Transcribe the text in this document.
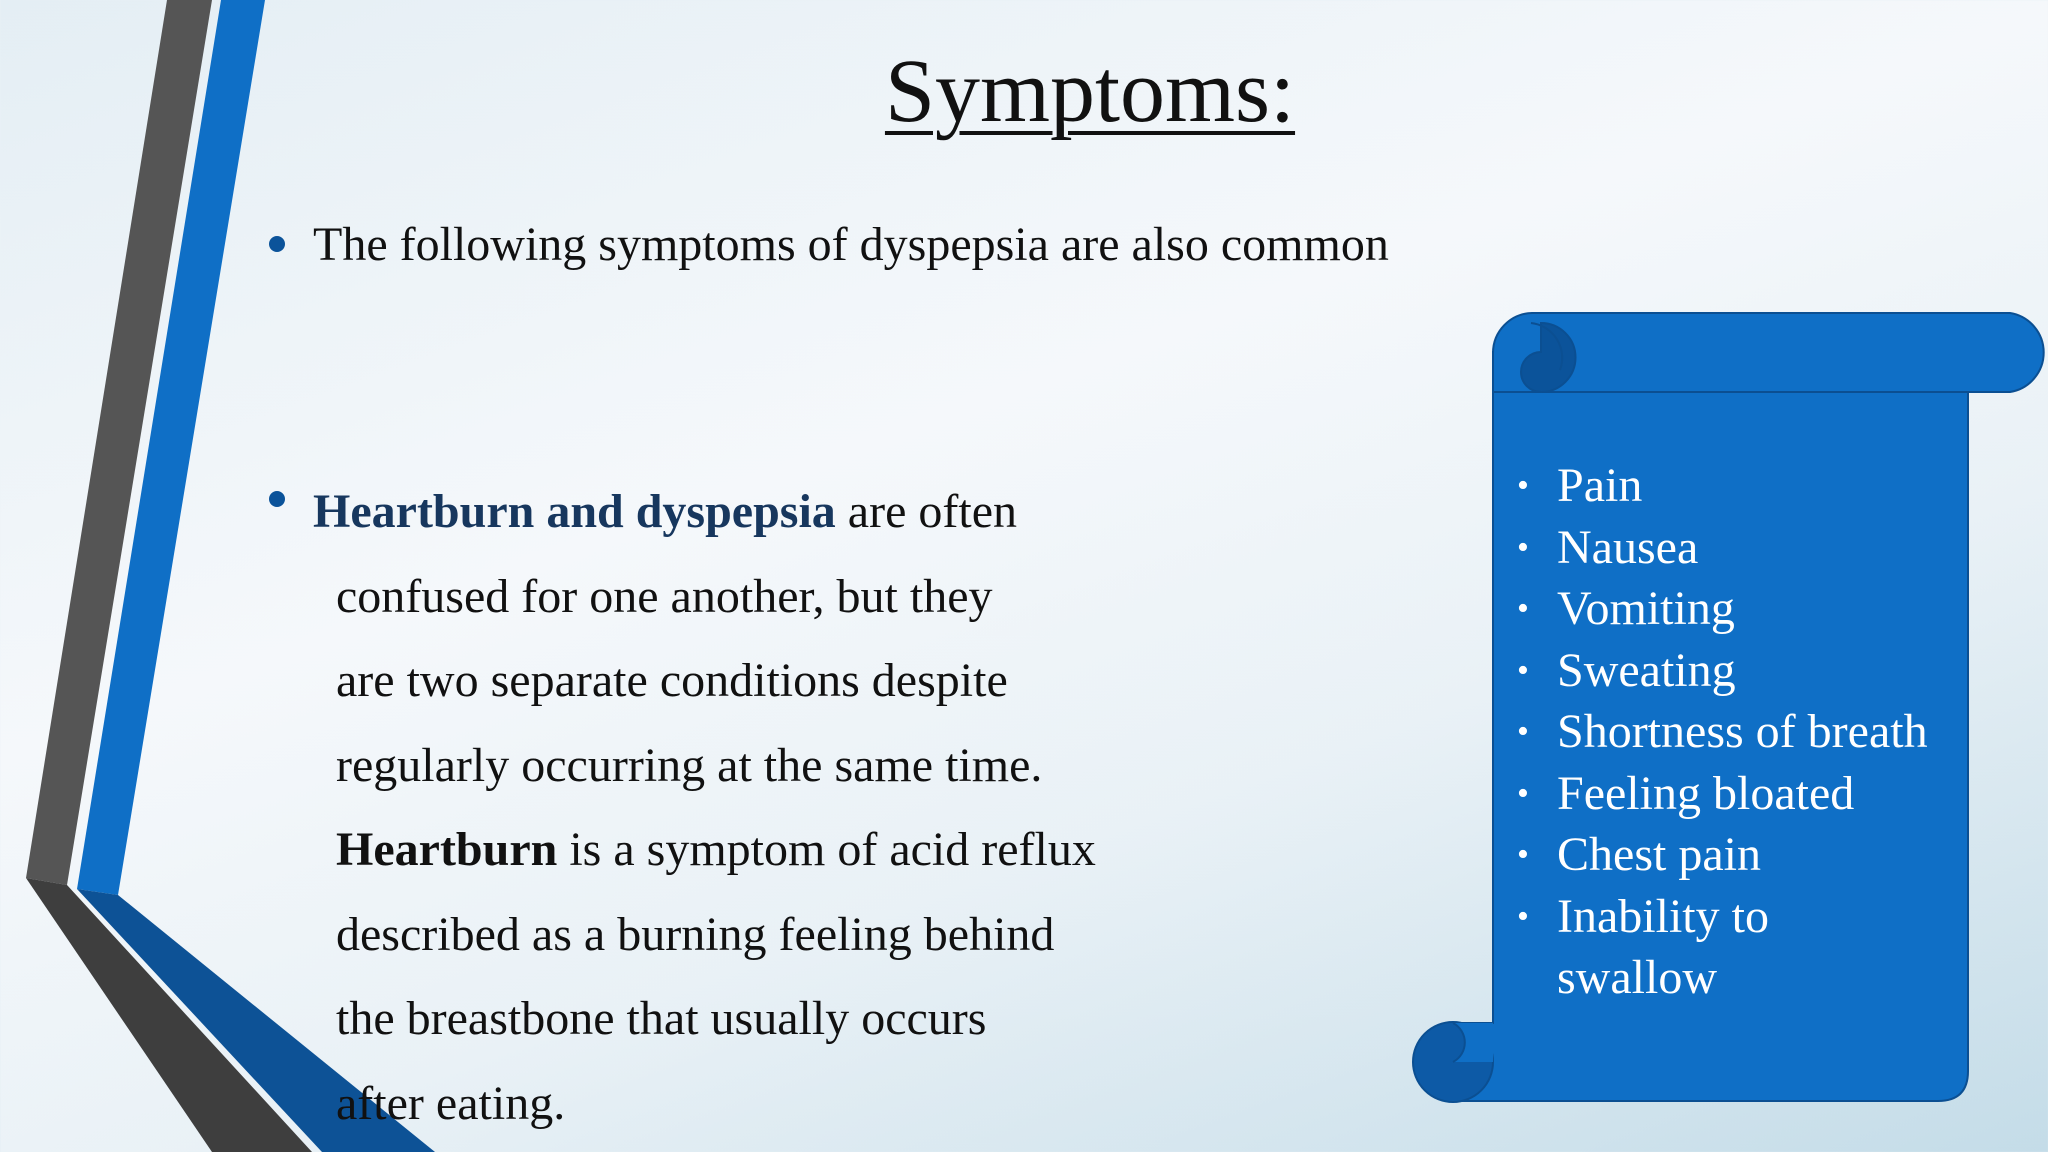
Symptoms:
The following symptoms of dyspepsia are also common
Heartburn and dyspepsia are often
confused for one another, but they
are two separate conditions despite
regularly occurring at the same time.
Heartburn is a symptom of acid reflux
described as a burning feeling behind
the breastbone that usually occurs
after eating.
• Pain
• Nausea
• Vomiting
• Sweating
• Shortness of breath
• Feeling bloated
• Chest pain
• Inability to
swallow
